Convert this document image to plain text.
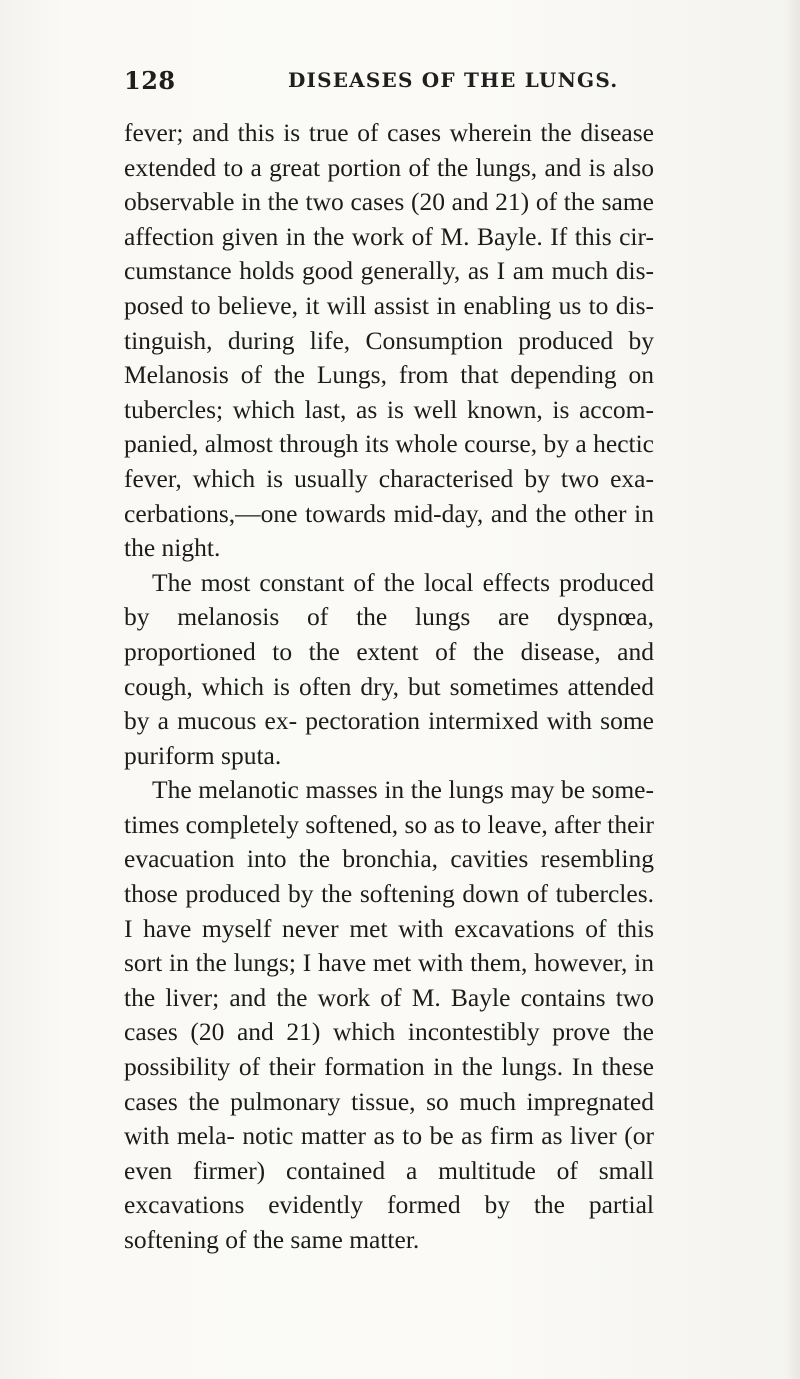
128	DISEASES OF THE LUNGS.

fever; and this is true of cases wherein the disease extended to a great portion of the lungs, and is also observable in the two cases (20 and 21) of the same affection given in the work of M. Bayle. If this cir- cumstance holds good generally, as I am much dis- posed to believe, it will assist in enabling us to dis- tinguish, during life, Consumption produced by Melanosis of the Lungs, from that depending on tubercles; which last, as is well known, is accom- panied, almost through its whole course, by a hectic fever, which is usually characterised by two exa- cerbations,—one towards mid-day, and the other in the night.

The most constant of the local effects produced by melanosis of the lungs are dyspnœa, proportioned to the extent of the disease, and cough, which is often dry, but sometimes attended by a mucous ex- pectoration intermixed with some puriform sputa.

The melanotic masses in the lungs may be some- times completely softened, so as to leave, after their evacuation into the bronchia, cavities resembling those produced by the softening down of tubercles. I have myself never met with excavations of this sort in the lungs; I have met with them, however, in the liver; and the work of M. Bayle contains two cases (20 and 21) which incontestibly prove the possibility of their formation in the lungs. In these cases the pulmonary tissue, so much impregnated with mela- notic matter as to be as firm as liver (or even firmer) contained a multitude of small excavations evidently formed by the partial softening of the same matter.
